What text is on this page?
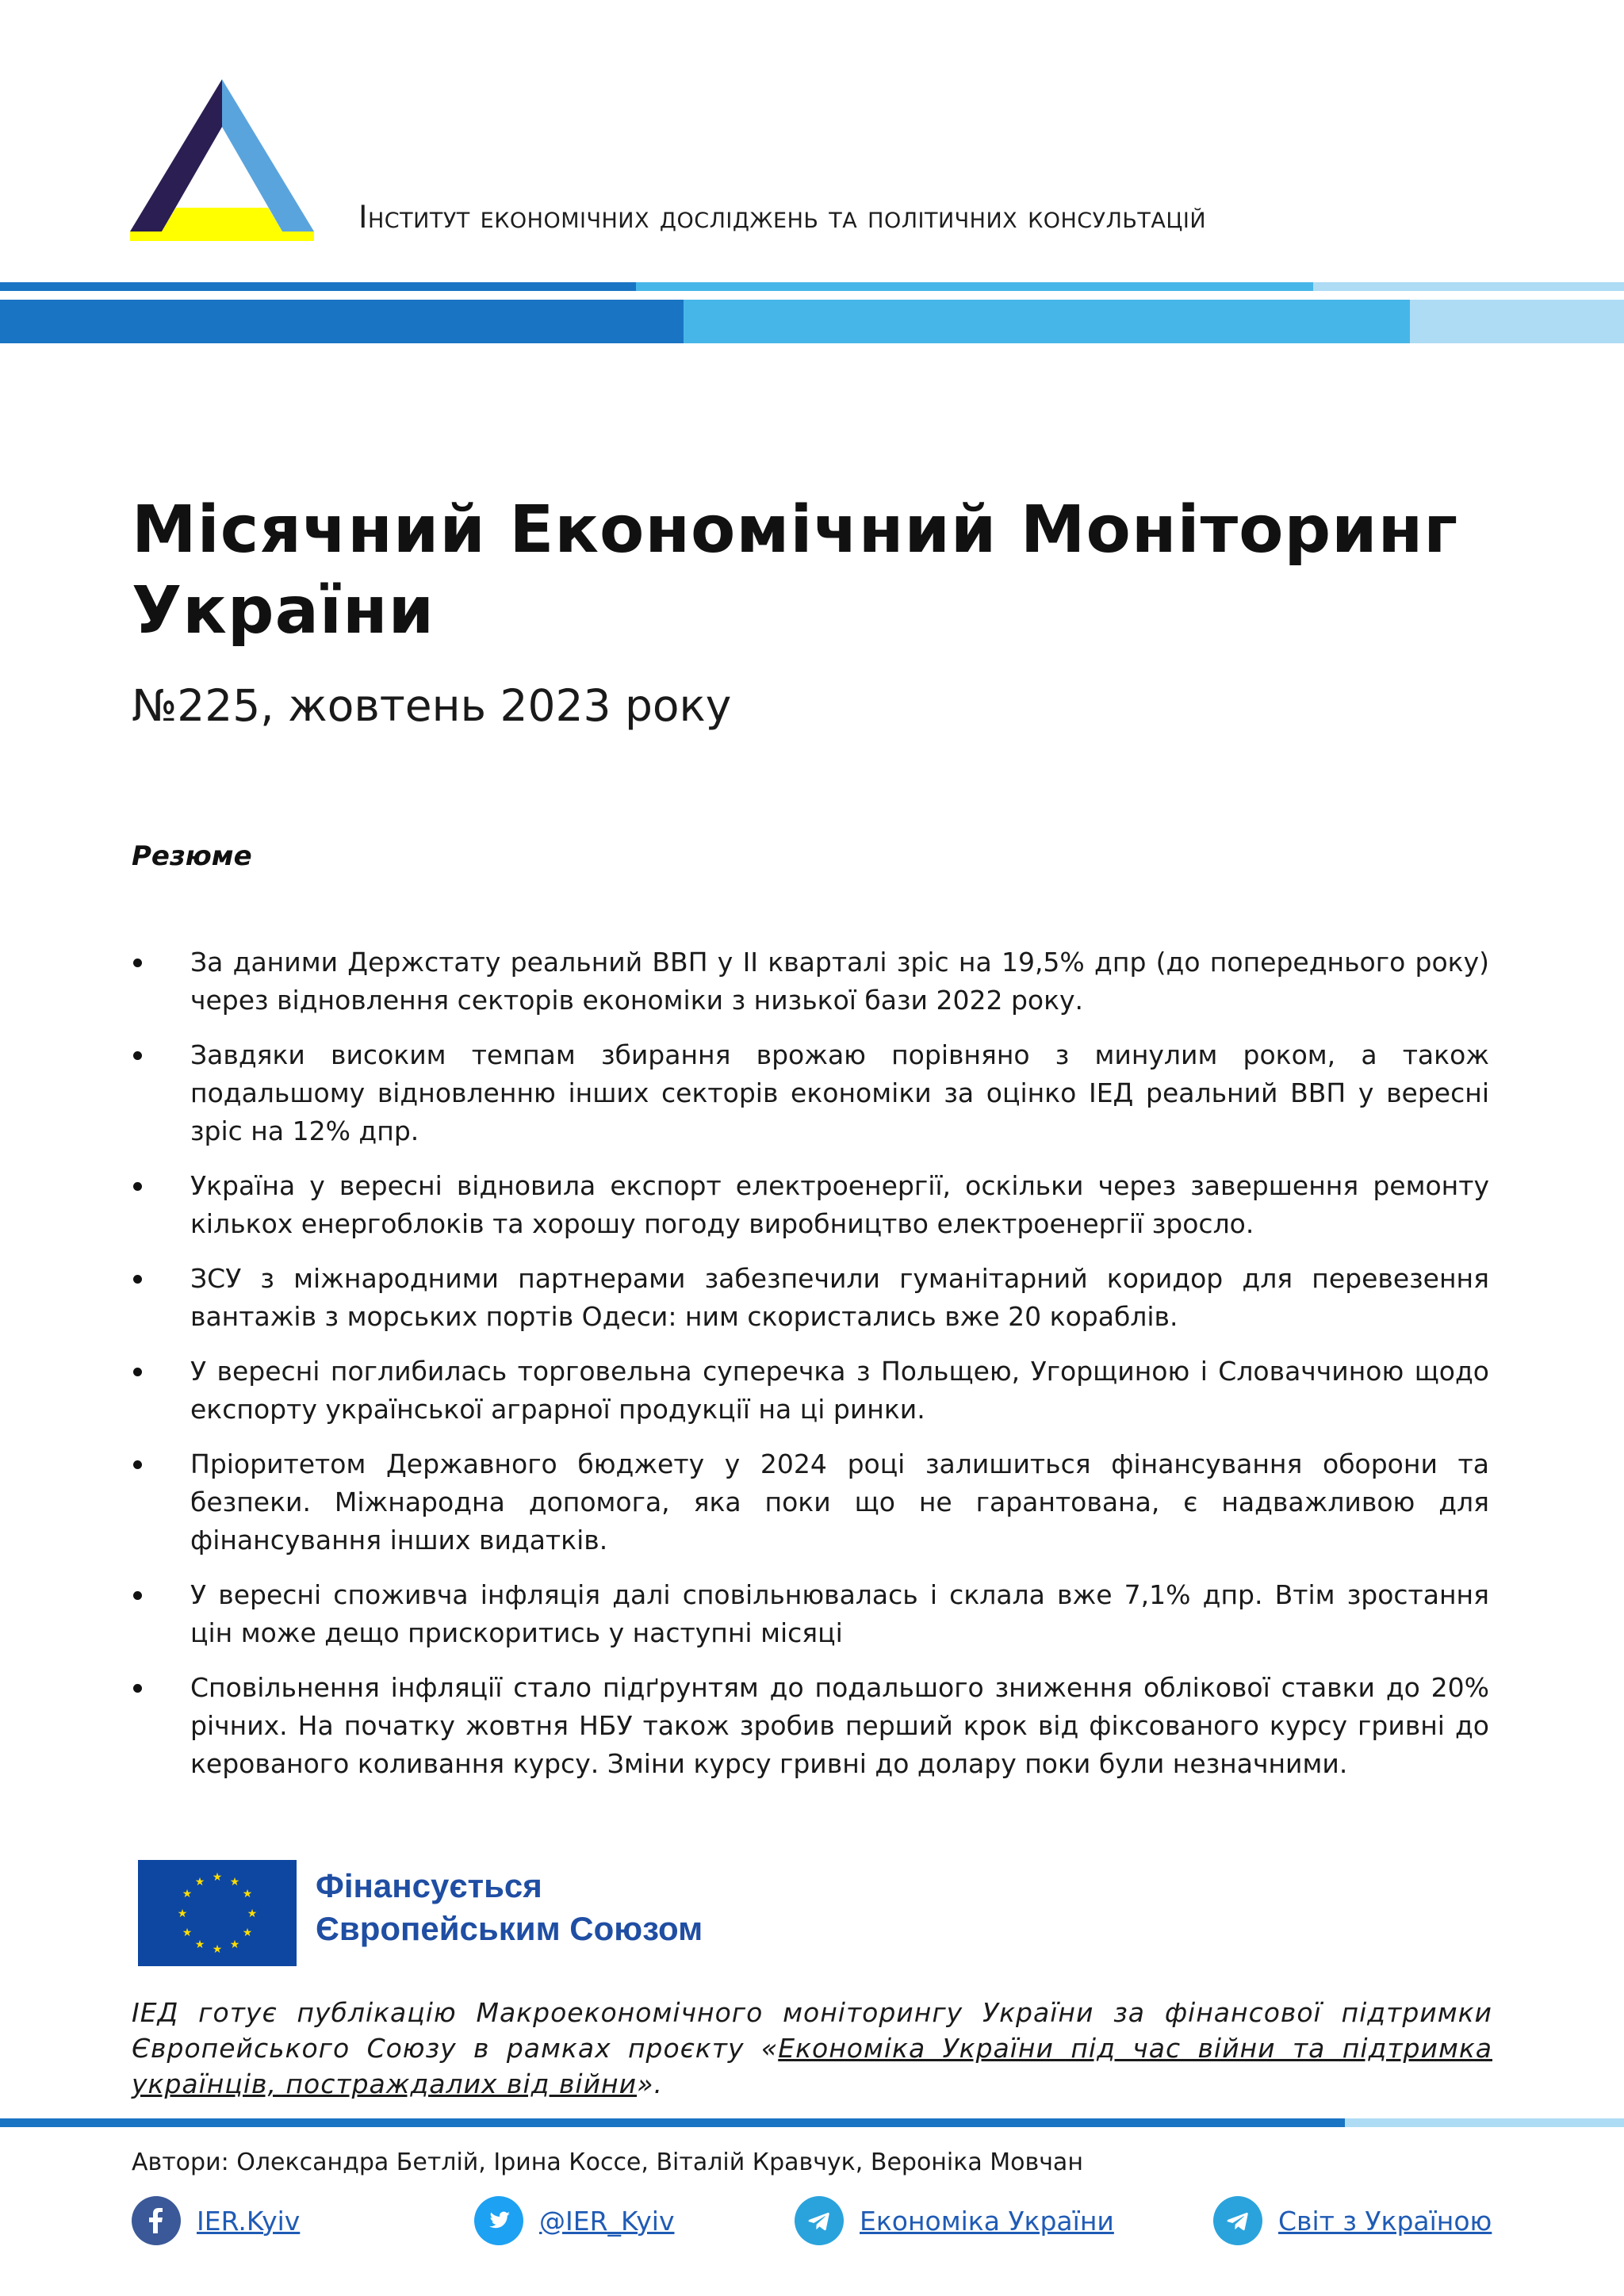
Інститут економічних досліджень та політичних консультацій
Місячний Економічний Моніторинг України
№225, жовтень 2023 року
Резюме
За даними Держстату реальний ВВП у II кварталі зріс на 19,5% дпр (до попереднього року) через відновлення секторів економіки з низької бази 2022 року.
Завдяки високим темпам збирання врожаю порівняно з минулим роком, а також подальшому відновленню інших секторів економіки за оцінко ІЕД реальний ВВП у вересні зріс на 12% дпр.
Україна у вересні відновила експорт електроенергії, оскільки через завершення ремонту кількох енергоблоків та хорошу погоду виробництво електроенергії зросло.
ЗСУ з міжнародними партнерами забезпечили гуманітарний коридор для перевезення вантажів з морських портів Одеси: ним скористались вже 20 кораблів.
У вересні поглибилась торговельна суперечка з Польщею, Угорщиною і Словаччиною щодо експорту української аграрної продукції на ці ринки.
Пріоритетом Державного бюджету у 2024 році залишиться фінансування оборони та безпеки. Міжнародна допомога, яка поки що не гарантована, є надважливою для фінансування інших видатків.
У вересні споживча інфляція далі сповільнювалась і склала вже 7,1% дпр. Втім зростання цін може дещо прискоритись у наступні місяці
Сповільнення інфляції стало підґрунтям до подальшого зниження облікової ставки до 20% річних. На початку жовтня НБУ також зробив перший крок від фіксованого курсу гривні до керованого коливання курсу. Зміни курсу гривні до долару поки були незначними.
★ ★
★
★
★
★
★
★
★
★
★
★	Фінансується
Європейським Союзом

ІЕД готує публікацію Макроекономічного моніторингу України за фінансової підтримки Європейського Союзу в рамках проєкту «Економіка України під час війни та підтримка українців, постраждалих від війни».

Автори: Олександра Бетлій, Ірина Коссе, Віталій Кравчук, Вероніка Мовчан
IER.Kyiv	@IER_Kyiv	Економіка України	Світ з Україною
